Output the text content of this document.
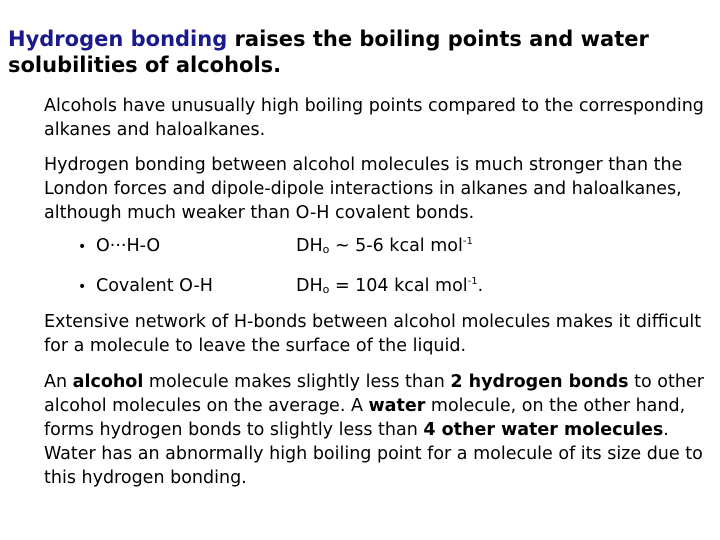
Hydrogen bonding raises the boiling points and water solubilities of alcohols.

Alcohols have unusually high boiling points compared to the corresponding alkanes and haloalkanes.

Hydrogen bonding between alcohol molecules is much stronger than the London forces and dipole-dipole interactions in alkanes and haloalkanes, although much weaker than O-H covalent bonds.

• O···H-O	$DH_o$ ~ 5-6 kcal mol$^{-1}$
• Covalent O-H	$DH_o = 104$ kcal mol$^{-1}$.

Extensive network of H-bonds between alcohol molecules makes it difficult for a molecule to leave the surface of the liquid.

An alcohol molecule makes slightly less than 2 hydrogen bonds to other alcohol molecules on the average. A water molecule, on the other hand, forms hydrogen bonds to slightly less than 4 other water molecules. Water has an abnormally high boiling point for a molecule of its size due to this hydrogen bonding.
